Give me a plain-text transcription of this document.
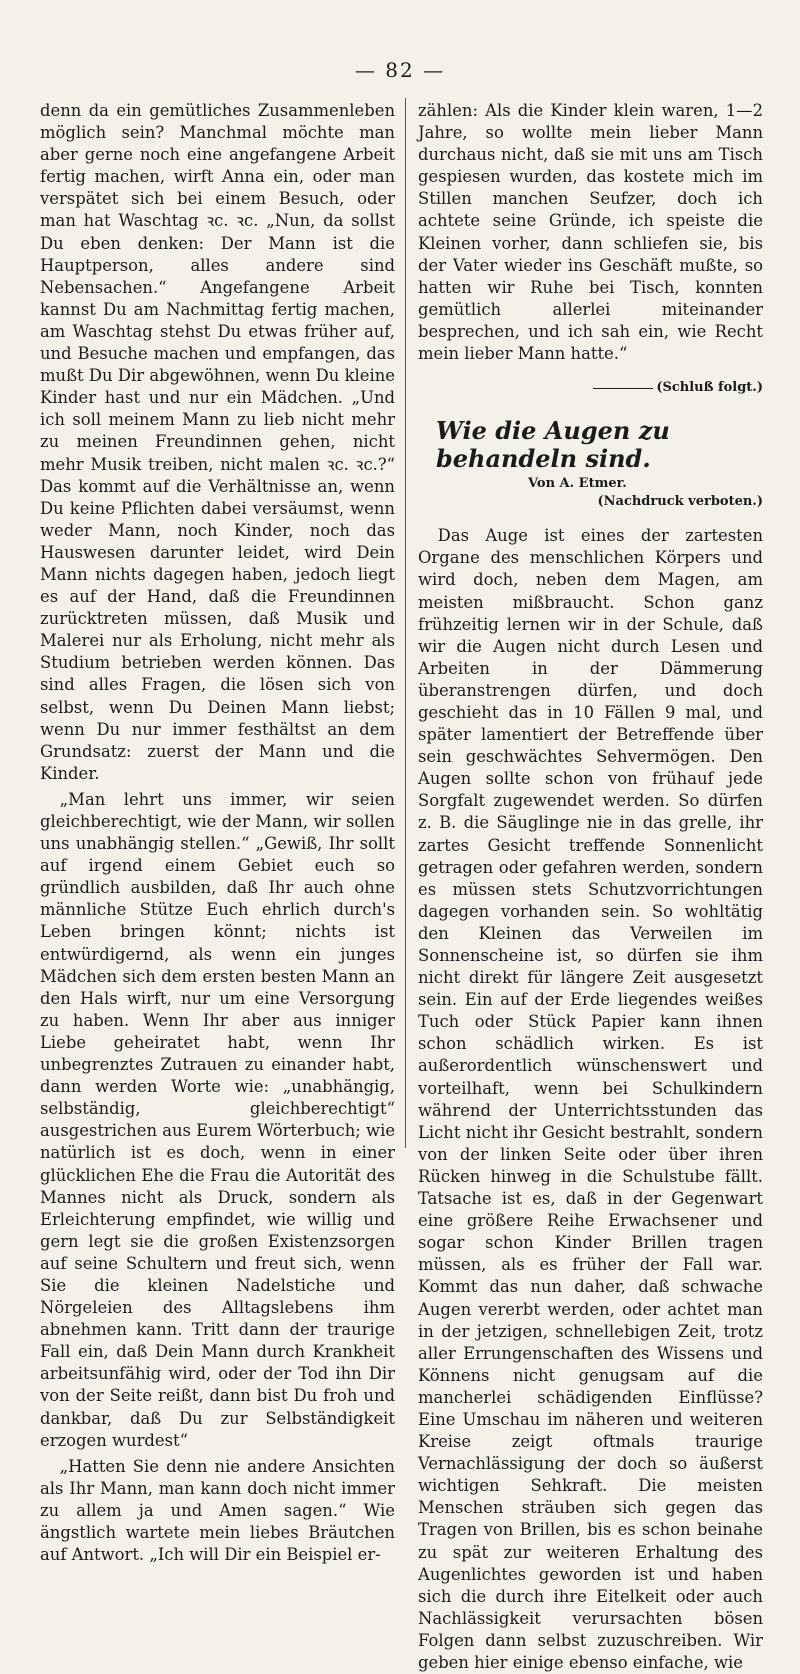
— 82 —

denn da ein gemütliches Zusammenleben möglich sein? Manchmal möchte man aber gerne noch eine angefangene Arbeit fertig machen, wirft Anna ein, oder man verspätet sich bei einem Besuch, oder man hat Waschtag ꝛc. ꝛc. „Nun, da sollst Du eben denken: Der Mann ist die Hauptperson, alles andere sind Nebensachen.“ Angefangene Arbeit kannst Du am Nachmittag fertig machen, am Waschtag stehst Du etwas früher auf, und Besuche machen und empfangen, das mußt Du Dir abgewöhnen, wenn Du kleine Kinder hast und nur ein Mädchen. „Und ich soll meinem Mann zu lieb nicht mehr zu meinen Freundinnen gehen, nicht mehr Musik treiben, nicht malen ꝛc. ꝛc.?“ Das kommt auf die Verhältnisse an, wenn Du keine Pflichten dabei versäumst, wenn weder Mann, noch Kinder, noch das Hauswesen darunter leidet, wird Dein Mann nichts dagegen haben, jedoch liegt es auf der Hand, daß die Freundinnen zurücktreten müssen, daß Musik und Malerei nur als Erholung, nicht mehr als Studium betrieben werden können. Das sind alles Fragen, die lösen sich von selbst, wenn Du Deinen Mann liebst; wenn Du nur immer festhältst an dem Grundsatz: zuerst der Mann und die Kinder.

„Man lehrt uns immer, wir seien gleichberechtigt, wie der Mann, wir sollen uns unabhängig stellen.“ „Gewiß, Ihr sollt auf irgend einem Gebiet euch so gründlich ausbilden, daß Ihr auch ohne männliche Stütze Euch ehrlich durch's Leben bringen könnt; nichts ist entwürdigernd, als wenn ein junges Mädchen sich dem ersten besten Mann an den Hals wirft, nur um eine Versorgung zu haben. Wenn Ihr aber aus inniger Liebe geheiratet habt, wenn Ihr unbegrenztes Zutrauen zu einander habt, dann werden Worte wie: „unabhängig, selbständig, gleichberechtigt“ ausgestrichen aus Eurem Wörterbuch; wie natürlich ist es doch, wenn in einer glücklichen Ehe die Frau die Autorität des Mannes nicht als Druck, sondern als Erleichterung empfindet, wie willig und gern legt sie die großen Existenzsorgen auf seine Schultern und freut sich, wenn Sie die kleinen Nadelstiche und Nörgeleien des Alltagslebens ihm abnehmen kann. Tritt dann der traurige Fall ein, daß Dein Mann durch Krankheit arbeitsunfähig wird, oder der Tod ihn Dir von der Seite reißt, dann bist Du froh und dankbar, daß Du zur Selbständigkeit erzogen wurdest“

„Hatten Sie denn nie andere Ansichten als Ihr Mann, man kann doch nicht immer zu allem ja und Amen sagen.“ Wie ängstlich wartete mein liebes Bräutchen auf Antwort. „Ich will Dir ein Beispiel er-

zählen: Als die Kinder klein waren, 1—2 Jahre, so wollte mein lieber Mann durchaus nicht, daß sie mit uns am Tisch gespiesen wurden, das kostete mich im Stillen manchen Seufzer, doch ich achtete seine Gründe, ich speiste die Kleinen vorher, dann schliefen sie, bis der Vater wieder ins Geschäft mußte, so hatten wir Ruhe bei Tisch, konnten gemütlich allerlei miteinander besprechen, und ich sah ein, wie Recht mein lieber Mann hatte.“

(Schluß folgt.)
Wie die Augen zu behandeln sind.
Von A. Etmer.
(Nachdruck verboten.)

Das Auge ist eines der zartesten Organe des menschlichen Körpers und wird doch, neben dem Magen, am meisten mißbraucht. Schon ganz frühzeitig lernen wir in der Schule, daß wir die Augen nicht durch Lesen und Arbeiten in der Dämmerung überanstrengen dürfen, und doch geschieht das in 10 Fällen 9 mal, und später lamentiert der Betreffende über sein geschwächtes Sehvermögen. Den Augen sollte schon von frühauf jede Sorgfalt zugewendet werden. So dürfen z. B. die Säuglinge nie in das grelle, ihr zartes Gesicht treffende Sonnenlicht getragen oder gefahren werden, sondern es müssen stets Schutzvorrichtungen dagegen vorhanden sein. So wohltätig den Kleinen das Verweilen im Sonnenscheine ist, so dürfen sie ihm nicht direkt für längere Zeit ausgesetzt sein. Ein auf der Erde liegendes weißes Tuch oder Stück Papier kann ihnen schon schädlich wirken. Es ist außerordentlich wünschenswert und vorteilhaft, wenn bei Schulkindern während der Unterrichtsstunden das Licht nicht ihr Gesicht bestrahlt, sondern von der linken Seite oder über ihren Rücken hinweg in die Schulstube fällt. Tatsache ist es, daß in der Gegenwart eine größere Reihe Erwachsener und sogar schon Kinder Brillen tragen müssen, als es früher der Fall war. Kommt das nun daher, daß schwache Augen vererbt werden, oder achtet man in der jetzigen, schnellebigen Zeit, trotz aller Errungenschaften des Wissens und Könnens nicht genugsam auf die mancherlei schädigenden Einflüsse? Eine Umschau im näheren und weiteren Kreise zeigt oftmals traurige Vernachlässigung der doch so äußerst wichtigen Sehkraft. Die meisten Menschen sträuben sich gegen das Tragen von Brillen, bis es schon beinahe zu spät zur weiteren Erhaltung des Augenlichtes geworden ist und haben sich die durch ihre Eitelkeit oder auch Nachlässigkeit verursachten bösen Folgen dann selbst zuzuschreiben. Wir geben hier einige ebenso einfache, wie
